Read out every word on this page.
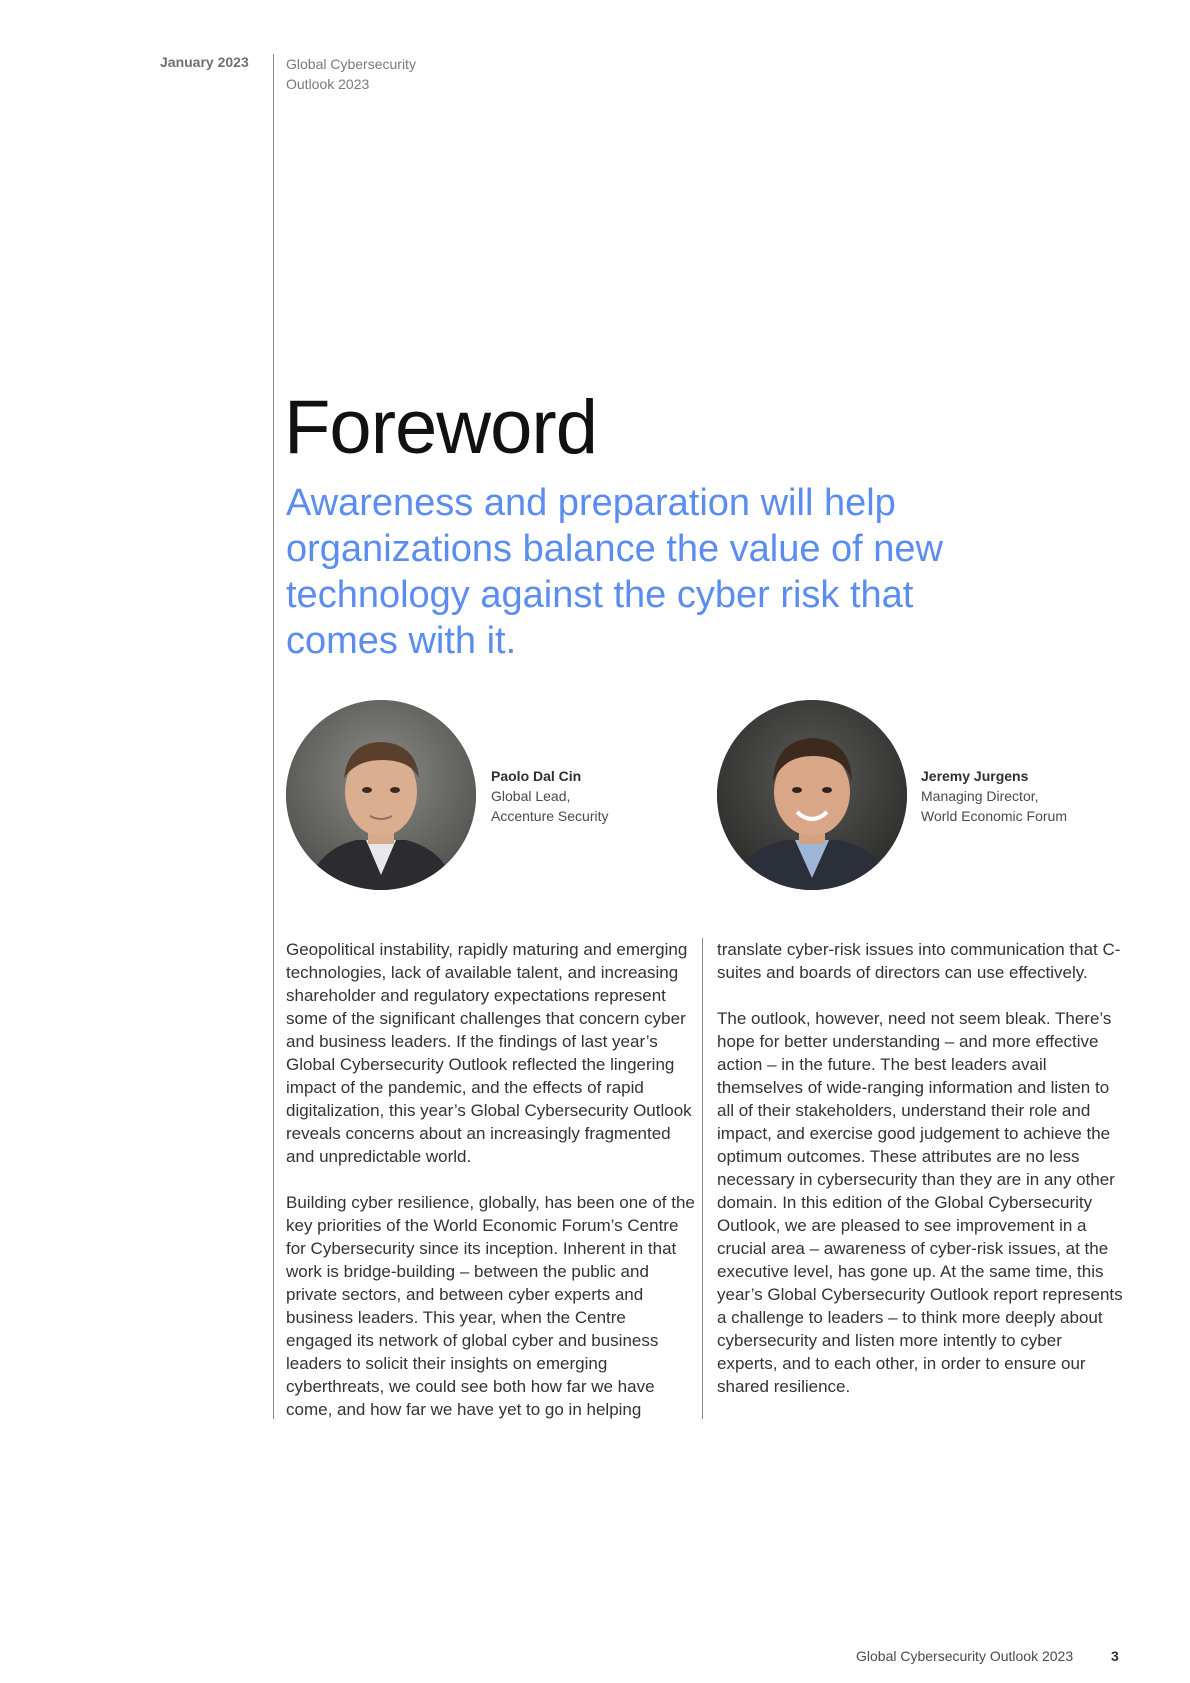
January 2023	Global Cybersecurity
Outlook 2023
Foreword
Awareness and preparation will help
organizations balance the value of new
technology against the cyber risk that
comes with it.
Paolo Dal Cin
Global Lead,
Accenture Security
Jeremy Jurgens
Managing Director,
World Economic Forum

Geopolitical instability, rapidly maturing and emerging technologies, lack of available talent, and increasing shareholder and regulatory expectations represent some of the significant challenges that concern cyber and business leaders. If the findings of last year’s Global Cybersecurity Outlook reflected the lingering impact of the pandemic, and the effects of rapid digitalization, this year’s Global Cybersecurity Outlook reveals concerns about an increasingly fragmented and unpredictable world.

Building cyber resilience, globally, has been one of the key priorities of the World Economic Forum’s Centre for Cybersecurity since its inception. Inherent in that work is bridge-building – between the public and private sectors, and between cyber experts and business leaders. This year, when the Centre engaged its network of global cyber and business leaders to solicit their insights on emerging cyberthreats, we could see both how far we have come, and how far we have yet to go in helping

translate cyber-risk issues into communication that C-suites and boards of directors can use effectively.

The outlook, however, need not seem bleak. There’s hope for better understanding – and more effective action – in the future. The best leaders avail themselves of wide-ranging information and listen to all of their stakeholders, understand their role and impact, and exercise good judgement to achieve the optimum outcomes. These attributes are no less necessary in cybersecurity than they are in any other domain. In this edition of the Global Cybersecurity Outlook, we are pleased to see improvement in a crucial area – awareness of cyber-risk issues, at the executive level, has gone up. At the same time, this year’s Global Cybersecurity Outlook report represents a challenge to leaders – to think more deeply about cybersecurity and listen more intently to cyber experts, and to each other, in order to ensure our shared resilience.

Global Cybersecurity Outlook 2023	3
